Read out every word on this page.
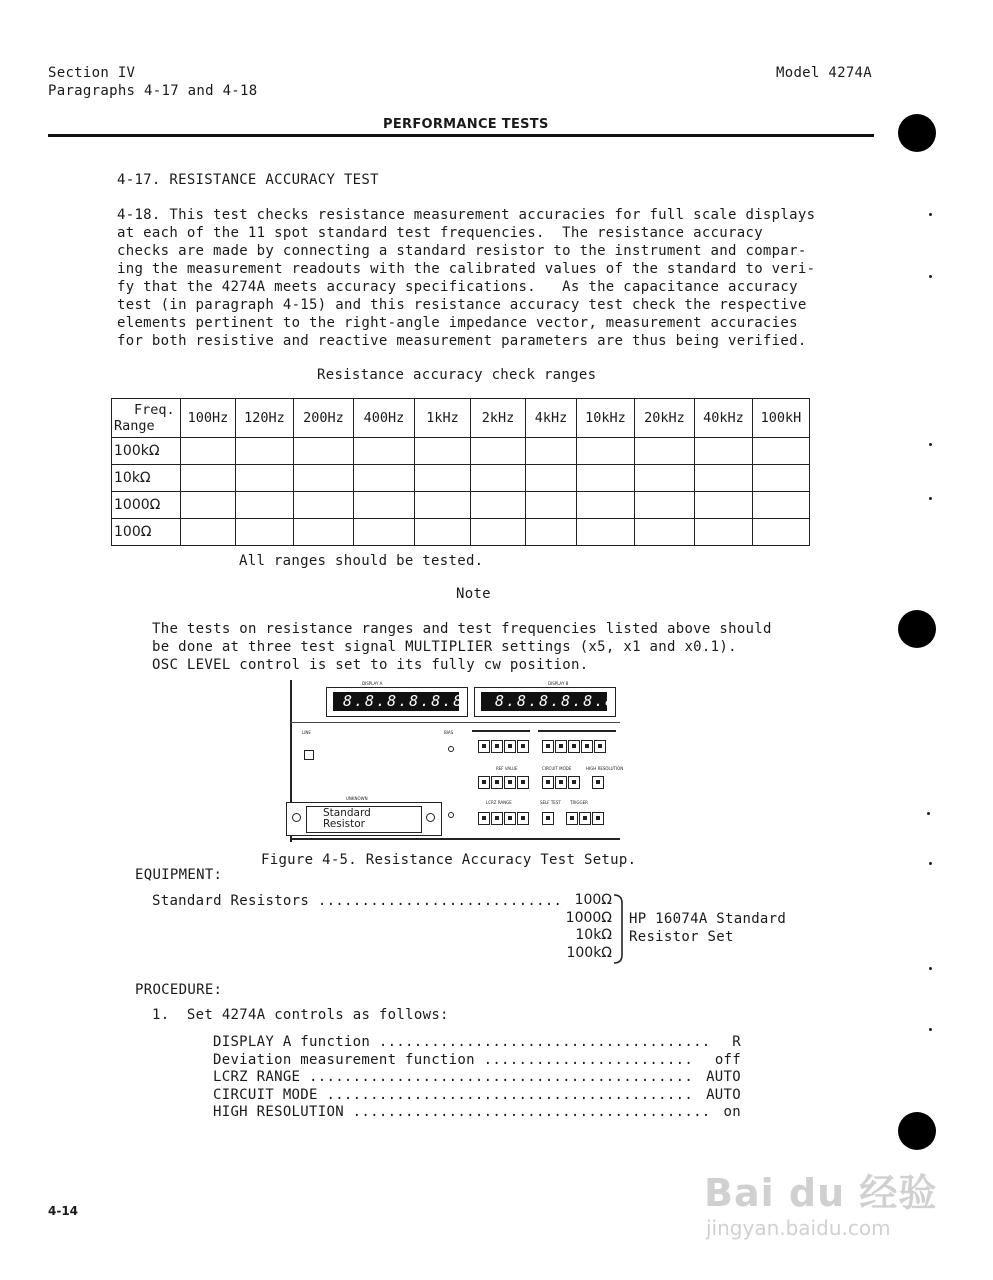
Section IV
Paragraphs 4-17 and 4-18
Model 4274A
PERFORMANCE TESTS
4-17. RESISTANCE ACCURACY TEST
4-18. This test checks resistance measurement accuracies for full scale displays
at each of the 11 spot standard test frequencies.  The resistance accuracy
checks are made by connecting a standard resistor to the instrument and compar-
ing the measurement readouts with the calibrated values of the standard to veri-
fy that the 4274A meets accuracy specifications.   As the capacitance accuracy
test (in paragraph 4-15) and this resistance accuracy test check the respective
elements pertinent to the right-angle impedance vector, measurement accuracies
for both resistive and reactive measurement parameters are thus being verified.
Resistance accuracy check ranges
Freq.
Range	100Hz	120Hz	200Hz	400Hz	1kHz	2kHz	4kHz	10kHz	20kHz	40kHz	100kH
100kΩ											
10kΩ											
1000Ω											
100Ω											
All ranges should be tested.
Note
The tests on resistance ranges and test frequencies listed above should
be done at three test signal MULTIPLIER settings (x5, x1 and x0.1).
OSC LEVEL control is set to its fully cw position.
DISPLAY A	DISPLAY B
8.8.8.8.8.8 8.8.8.8.8.8
LINE	BIAS
REF VALUE	CIRCUIT MODE	HIGH RESOLUTION
UNKNOWN
Standard
Resistor
LCRZ RANGE	SELF TEST TRIGGER
Figure 4-5. Resistance Accuracy Test Setup.
EQUIPMENT:
Standard Resistors ............................ 100Ω
1000Ω
10kΩ
100kΩ
HP 16074A Standard
Resistor Set
PROCEDURE:
1.  Set 4274A controls as follows:
DISPLAY A function ...................................... R
Deviation measurement function ........................ off
LCRZ RANGE ............................................ AUTO
CIRCUIT MODE .......................................... AUTO
HIGH RESOLUTION ......................................... on
4-14	Bai du 经验
jingyan.baidu.com
